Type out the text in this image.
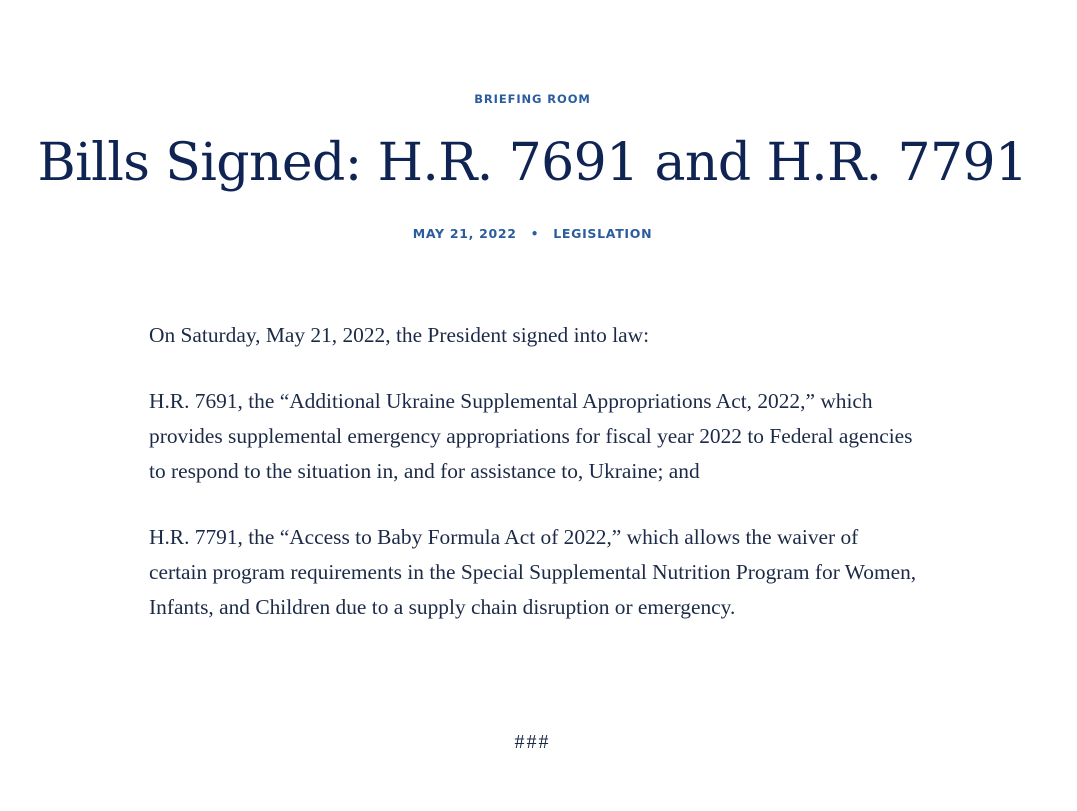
BRIEFING ROOM
Bills Signed: H.R. 7691 and H.R. 7791
MAY 21, 2022 • LEGISLATION

On Saturday, May 21, 2022, the President signed into law:

H.R. 7691, the “Additional Ukraine Supplemental Appropriations Act, 2022,” which provides supplemental emergency appropriations for fiscal year 2022 to Federal agencies to respond to the situation in, and for assistance to, Ukraine; and

H.R. 7791, the “Access to Baby Formula Act of 2022,” which allows the waiver of certain program requirements in the Special Supplemental Nutrition Program for Women, Infants, and Children due to a supply chain disruption or emergency.

###
